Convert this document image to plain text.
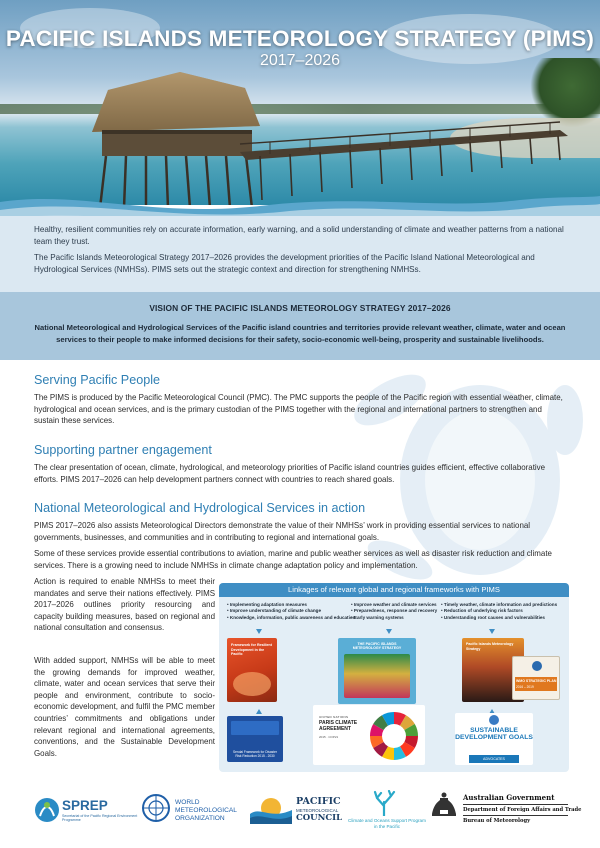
PACIFIC ISLANDS METEOROLOGY STRATEGY (PIMS)
2017–2026

Healthy, resilient communities rely on accurate information, early warning, and a solid understanding of climate and weather patterns from a national team they trust.

The Pacific Islands Meteorological Strategy 2017–2026 provides the development priorities of the Pacific Island National Meteorological and Hydrological Services (NMHSs). PIMS sets out the strategic context and direction for strengthening NMHSs.

VISION OF THE PACIFIC ISLANDS METEOROLOGY STRATEGY 2017–2026
National Meteorological and Hydrological Services of the Pacific island countries and territories provide relevant weather, climate, water and ocean services to their people to make informed decisions for their safety, socio-economic well-being, prosperity and sustainable livelihoods.
Serving Pacific People
The PIMS is produced by the Pacific Meteorological Council (PMC). The PMC supports the people of the Pacific region with essential weather, climate, hydrological and ocean services, and is the primary custodian of the PIMS together with the regional and international partners to strengthen and sustain these services.
Supporting partner engagement
The clear presentation of ocean, climate, hydrological, and meteorology priorities of Pacific island countries guides efficient, effective collaborative efforts. PIMS 2017–2026 can help development partners connect with countries to reach shared goals.
National Meteorological and Hydrological Services in action
PIMS 2017–2026 also assists Meteorological Directors demonstrate the value of their NMHSs’ work in providing essential services to national governments, businesses, and communities and in contributing to regional and international goals.
Some of these services provide essential contributions to aviation, marine and public weather services as well as disaster risk reduction and climate services. There is a growing need to include NMHSs in climate change adaptation policy and implementation.
Action is required to enable NMHSs to meet their mandates and serve their nations effectively. PIMS 2017–2026 outlines priority resourcing and capacity building measures, based on regional and national consultation and consensus.
With added support, NMHSs will be able to meet the growing demands for improved weather, climate, water and ocean services that serve their people and environment, contribute to socio-economic development, and fulfil the PMC member countries’ commitments and obligations under relevant regional and international agreements, conventions, and the Sustainable Development Goals.
Linkages of relevant global and regional frameworks with PIMS
• Implementing adaptation measures
• Improve understanding of climate change
• Knowledge, information, public awareness and education
• Improve weather and climate services
• Preparedness, response and recovery
• Early warning systems
• Timely weather, climate information and predictions
• Reduction of underlying risk factors
• Understanding root causes and vulnerabilities
Framework for Resilient Development in the Pacific
THE PACIFIC ISLANDS METEOROLOGY STRATEGY
Pacific Islands Meteorology Strategy
WMO STRATEGIC PLAN
2016 – 2019
Sendai Framework for Disaster Risk Reduction 2015 - 2030
UNITED NATIONS
PARIS CLIMATE AGREEMENT
2015 · COP21
SUSTAINABLE DEVELOPMENT GOALS
ADVOCATES
SPREP
Secretariat of the Pacific Regional Environment Programme
WORLD METEOROLOGICAL ORGANIZATION
PACIFIC
METEOROLOGICAL
COUNCIL Climate and Oceans Support Program in the Pacific
Australian Government
Department of Foreign Affairs and Trade
Bureau of Meteorology
